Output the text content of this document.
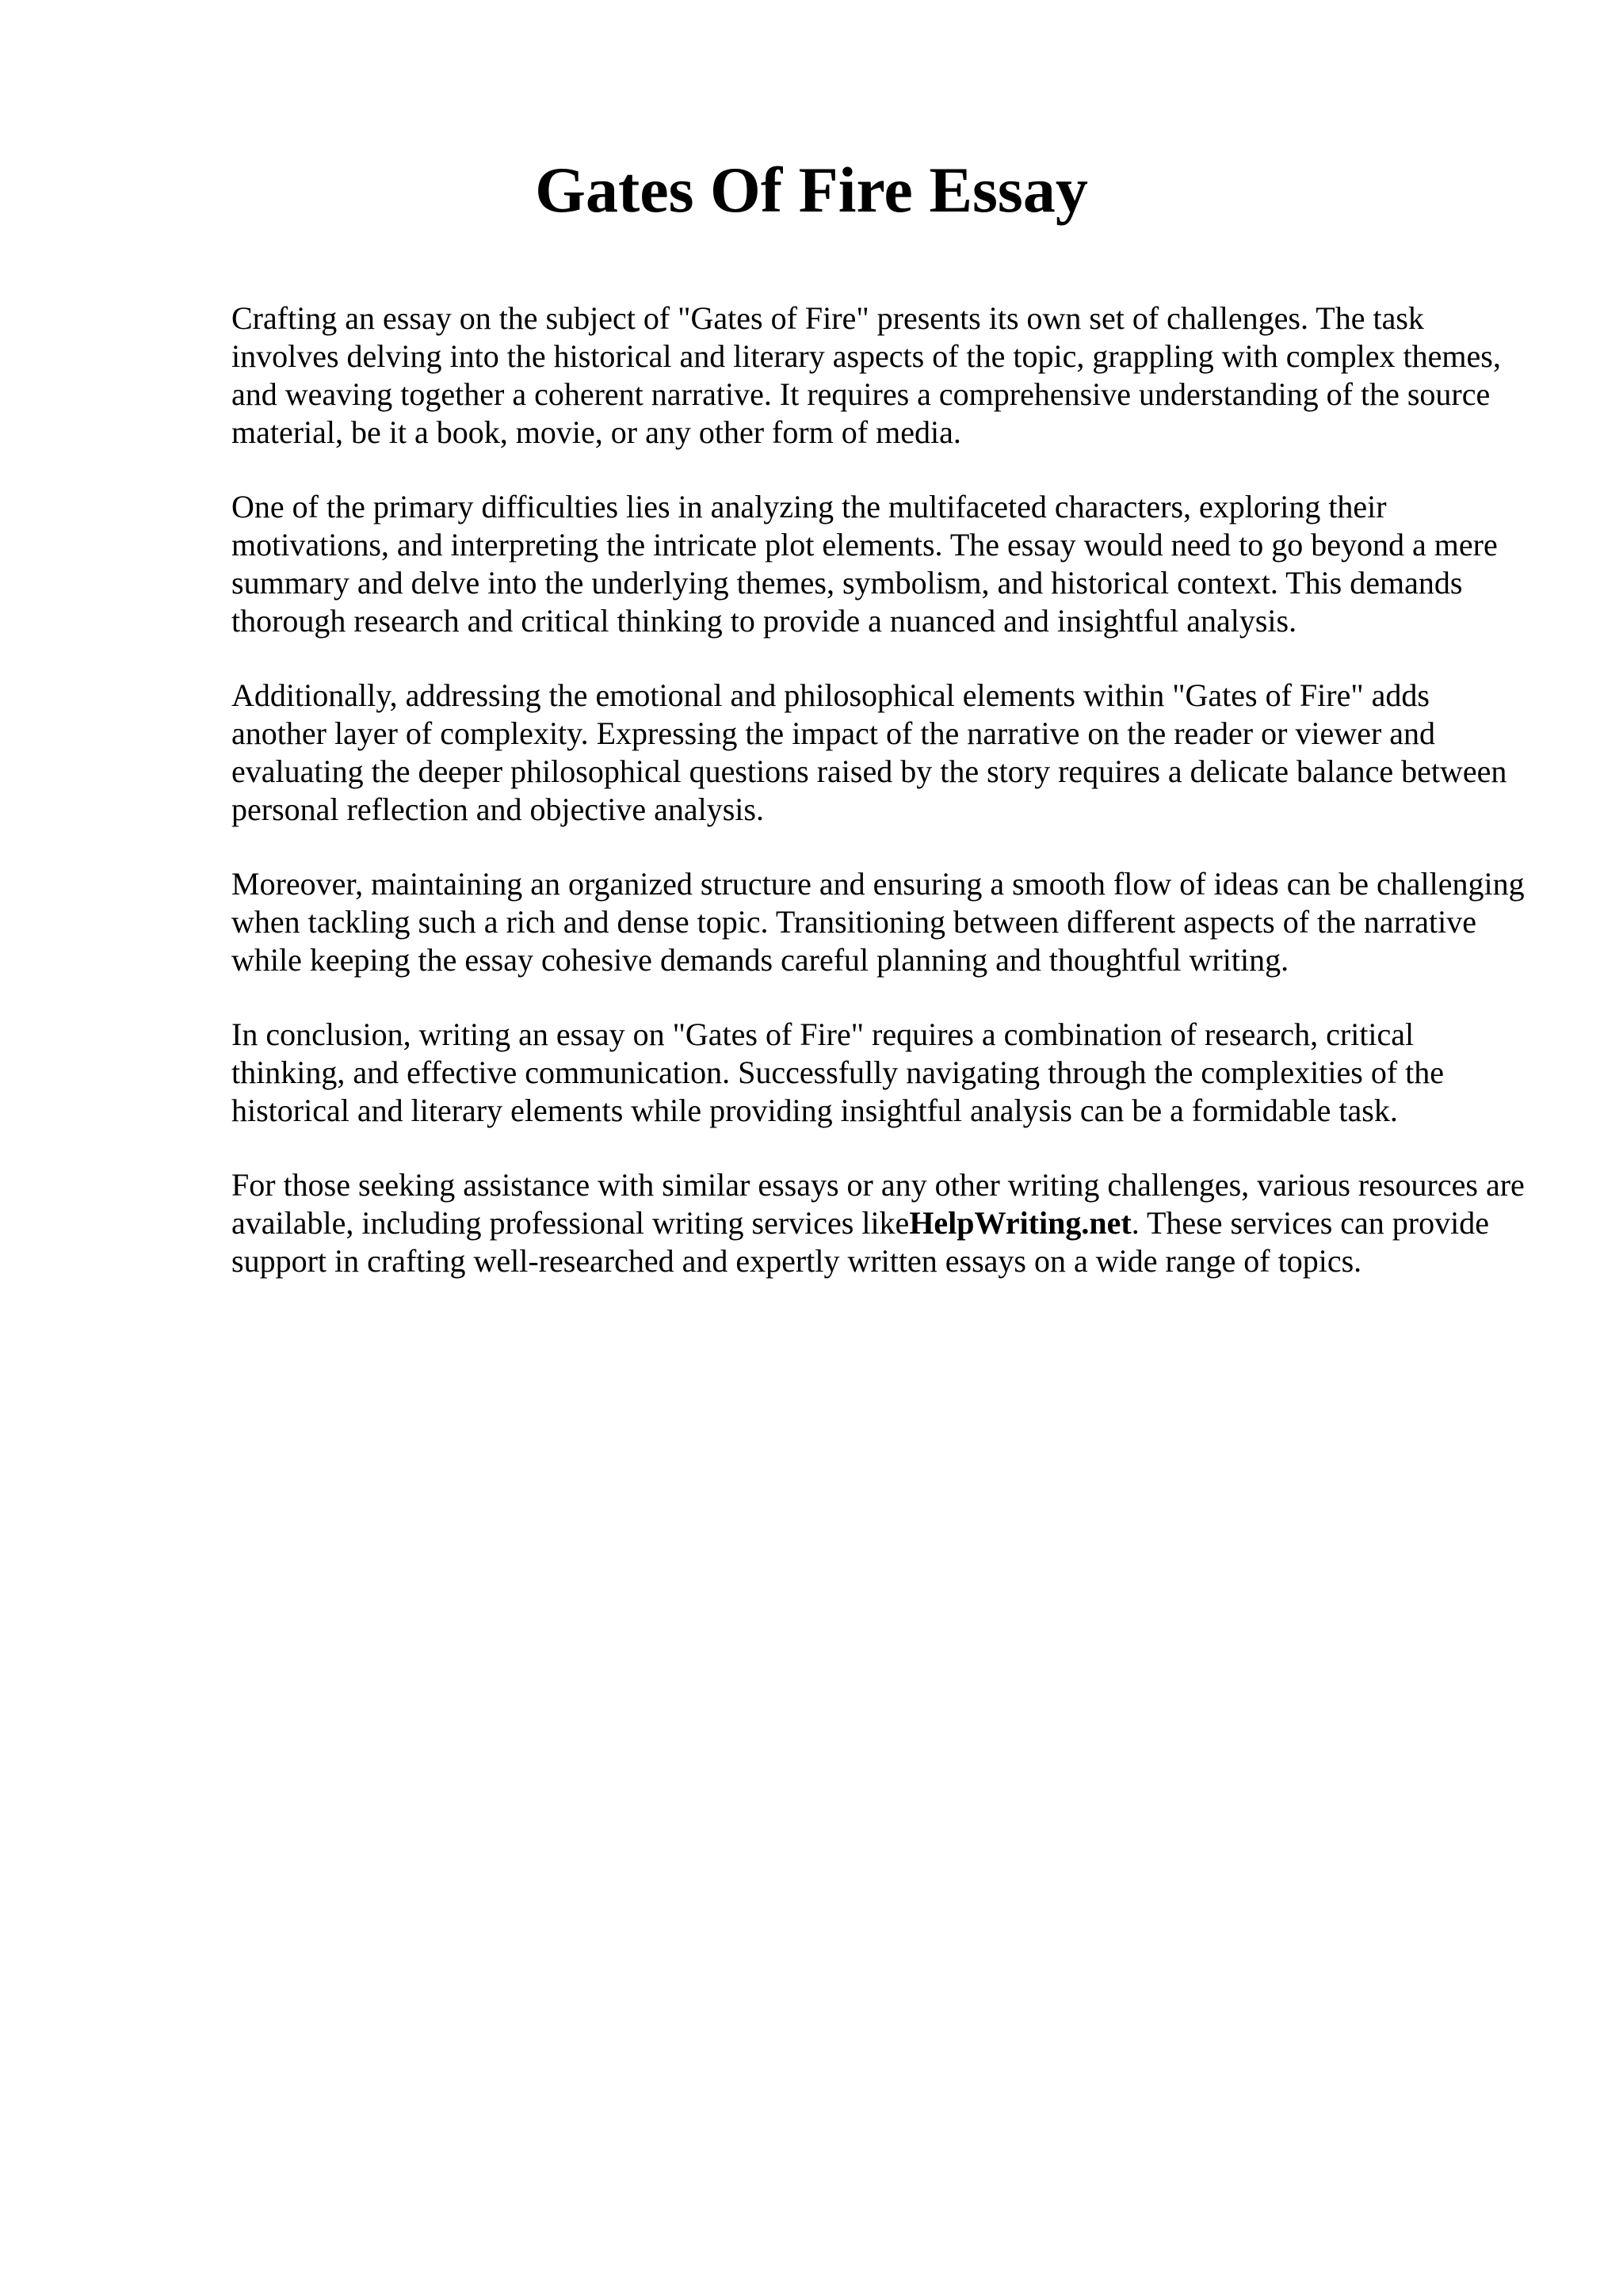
Gates Of Fire Essay

Crafting an essay on the subject of "Gates of Fire" presents its own set of challenges. The task involves delving into the historical and literary aspects of the topic, grappling with complex themes, and weaving together a coherent narrative. It requires a comprehensive understanding of the source material, be it a book, movie, or any other form of media.

One of the primary difficulties lies in analyzing the multifaceted characters, exploring their motivations, and interpreting the intricate plot elements. The essay would need to go beyond a mere summary and delve into the underlying themes, symbolism, and historical context. This demands thorough research and critical thinking to provide a nuanced and insightful analysis.

Additionally, addressing the emotional and philosophical elements within "Gates of Fire" adds another layer of complexity. Expressing the impact of the narrative on the reader or viewer and evaluating the deeper philosophical questions raised by the story requires a delicate balance between personal reflection and objective analysis.

Moreover, maintaining an organized structure and ensuring a smooth flow of ideas can be challenging when tackling such a rich and dense topic. Transitioning between different aspects of the narrative while keeping the essay cohesive demands careful planning and thoughtful writing.

In conclusion, writing an essay on "Gates of Fire" requires a combination of research, critical thinking, and effective communication. Successfully navigating through the complexities of the historical and literary elements while providing insightful analysis can be a formidable task.

For those seeking assistance with similar essays or any other writing challenges, various resources are available, including professional writing services likeHelpWriting.net. These services can provide support in crafting well-researched and expertly written essays on a wide range of topics.
